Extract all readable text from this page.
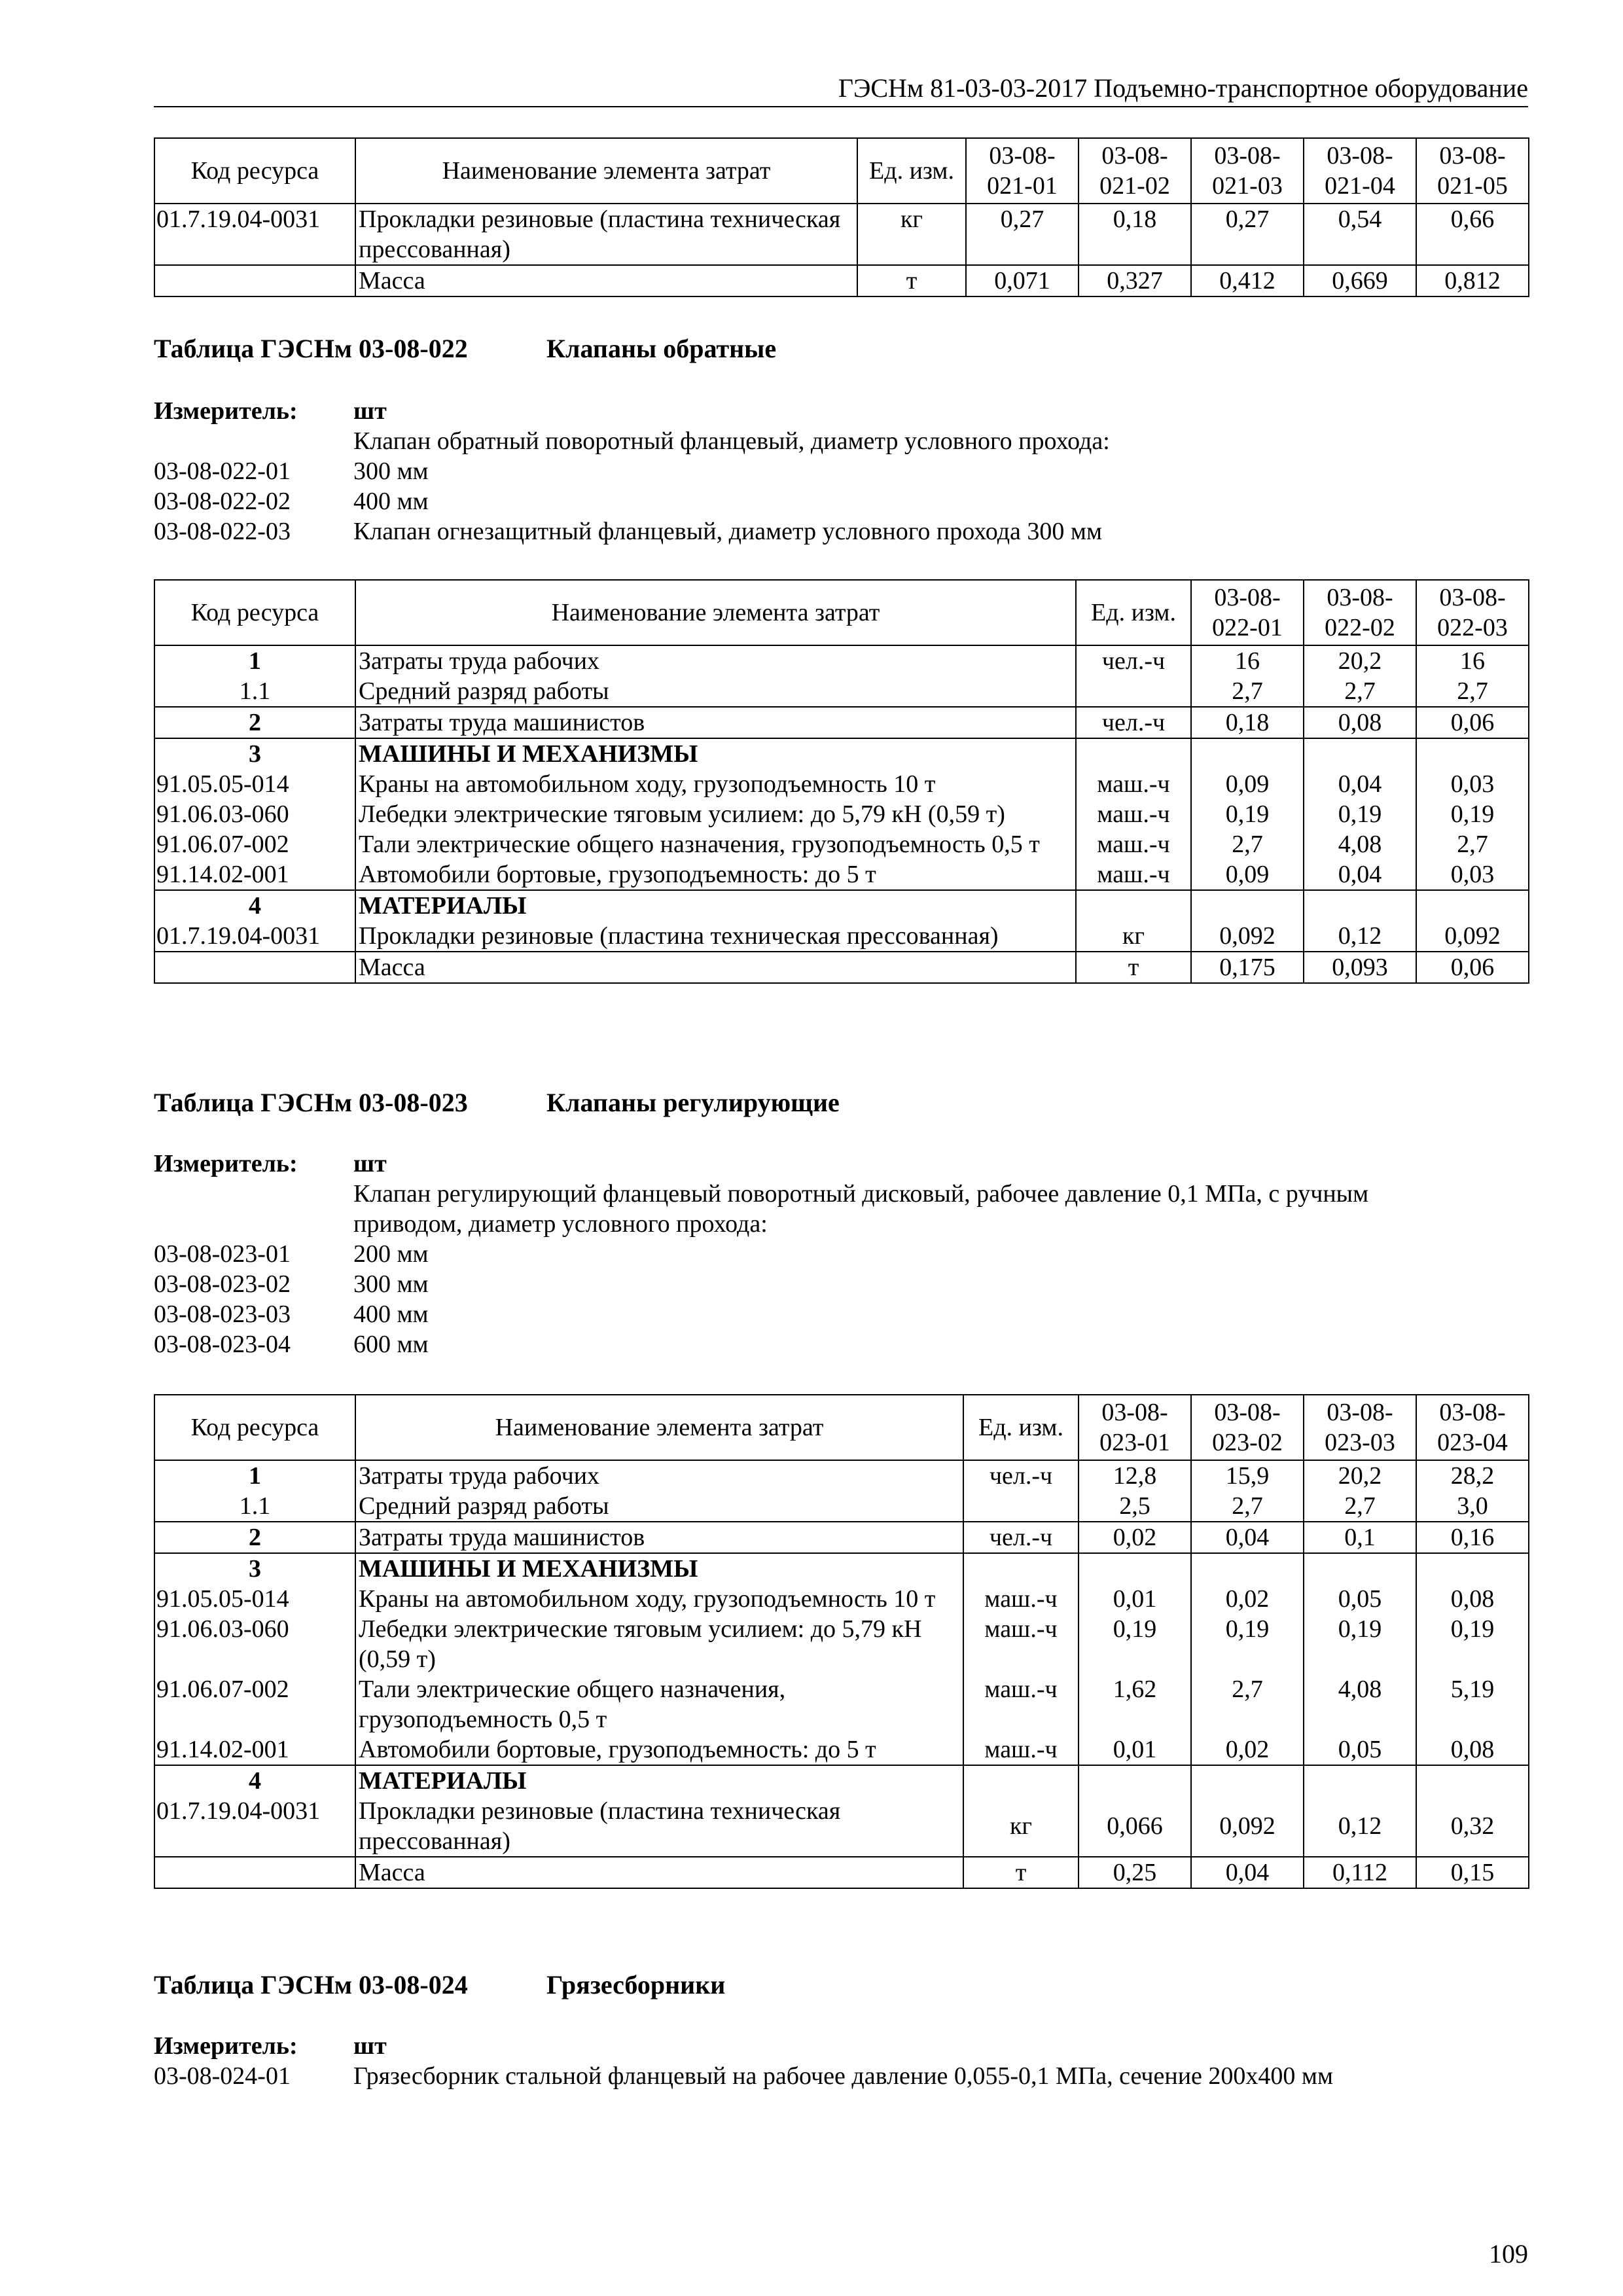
ГЭСНм 81-03-03-2017 Подъемно-транспортное оборудование
Код ресурса	Наименование элемента затрат	Ед. изм.	03-08-021-01	03-08-021-02	03-08-021-03	03-08-021-04	03-08-021-05
01.7.19.04-0031	Прокладки резиновые (пластина техническая прессованная)	кг	0,27	0,18	0,27	0,54	0,66
	Масса	т	0,071	0,327	0,412	0,669	0,812
Таблица ГЭСНм 03-08-022	Клапаны обратные
Измеритель: шт
Клапан обратный поворотный фланцевый, диаметр условного прохода:
03-08-022-01	300 мм
03-08-022-02	400 мм
03-08-022-03	Клапан огнезащитный фланцевый, диаметр условного прохода 300 мм
Код ресурса	Наименование элемента затрат	Ед. изм.	03-08-022-01	03-08-022-02	03-08-022-03
1	Затраты труда рабочих	чел.-ч	16	20,2	16
1.1	Средний разряд работы		2,7	2,7	2,7
2	Затраты труда машинистов	чел.-ч	0,18	0,08	0,06
3	МАШИНЫ И МЕХАНИЗМЫ				
91.05.05-014	Краны на автомобильном ходу, грузоподъемность 10 т	маш.-ч	0,09	0,04	0,03
91.06.03-060	Лебедки электрические тяговым усилием: до 5,79 кН (0,59 т)	маш.-ч	0,19	0,19	0,19
91.06.07-002	Тали электрические общего назначения, грузоподъемность 0,5 т	маш.-ч	2,7	4,08	2,7
91.14.02-001	Автомобили бортовые, грузоподъемность: до 5 т	маш.-ч	0,09	0,04	0,03
4	МАТЕРИАЛЫ				
01.7.19.04-0031	Прокладки резиновые (пластина техническая прессованная)	кг	0,092	0,12	0,092
	Масса	т	0,175	0,093	0,06
Таблица ГЭСНм 03-08-023	Клапаны регулирующие
Измеритель: шт
Клапан регулирующий фланцевый поворотный дисковый, рабочее давление 0,1 МПа, с ручным
приводом, диаметр условного прохода:
03-08-023-01	200 мм
03-08-023-02	300 мм
03-08-023-03	400 мм
03-08-023-04	600 мм
Код ресурса	Наименование элемента затрат	Ед. изм.	03-08-023-01	03-08-023-02	03-08-023-03	03-08-023-04
1	Затраты труда рабочих	чел.-ч	12,8	15,9	20,2	28,2
1.1	Средний разряд работы		2,5	2,7	2,7	3,0
2	Затраты труда машинистов	чел.-ч	0,02	0,04	0,1	0,16
3	МАШИНЫ И МЕХАНИЗМЫ					
91.05.05-014	Краны на автомобильном ходу, грузоподъемность 10 т	маш.-ч	0,01	0,02	0,05	0,08
91.06.03-060	Лебедки электрические тяговым усилием: до 5,79 кН (0,59 т)	маш.-ч	0,19	0,19	0,19	0,19
91.06.07-002	Тали электрические общего назначения, грузоподъемность 0,5 т	маш.-ч	1,62	2,7	4,08	5,19
91.14.02-001	Автомобили бортовые, грузоподъемность: до 5 т	маш.-ч	0,01	0,02	0,05	0,08
4	МАТЕРИАЛЫ					
01.7.19.04-0031	Прокладки резиновые (пластина техническая прессованная)	кг	0,066	0,092	0,12	0,32
	Масса	т	0,25	0,04	0,112	0,15
Таблица ГЭСНм 03-08-024	Грязесборники
Измеритель: шт
03-08-024-01	Грязесборник стальной фланцевый на рабочее давление 0,055-0,1 МПа, сечение 200х400 мм
109
